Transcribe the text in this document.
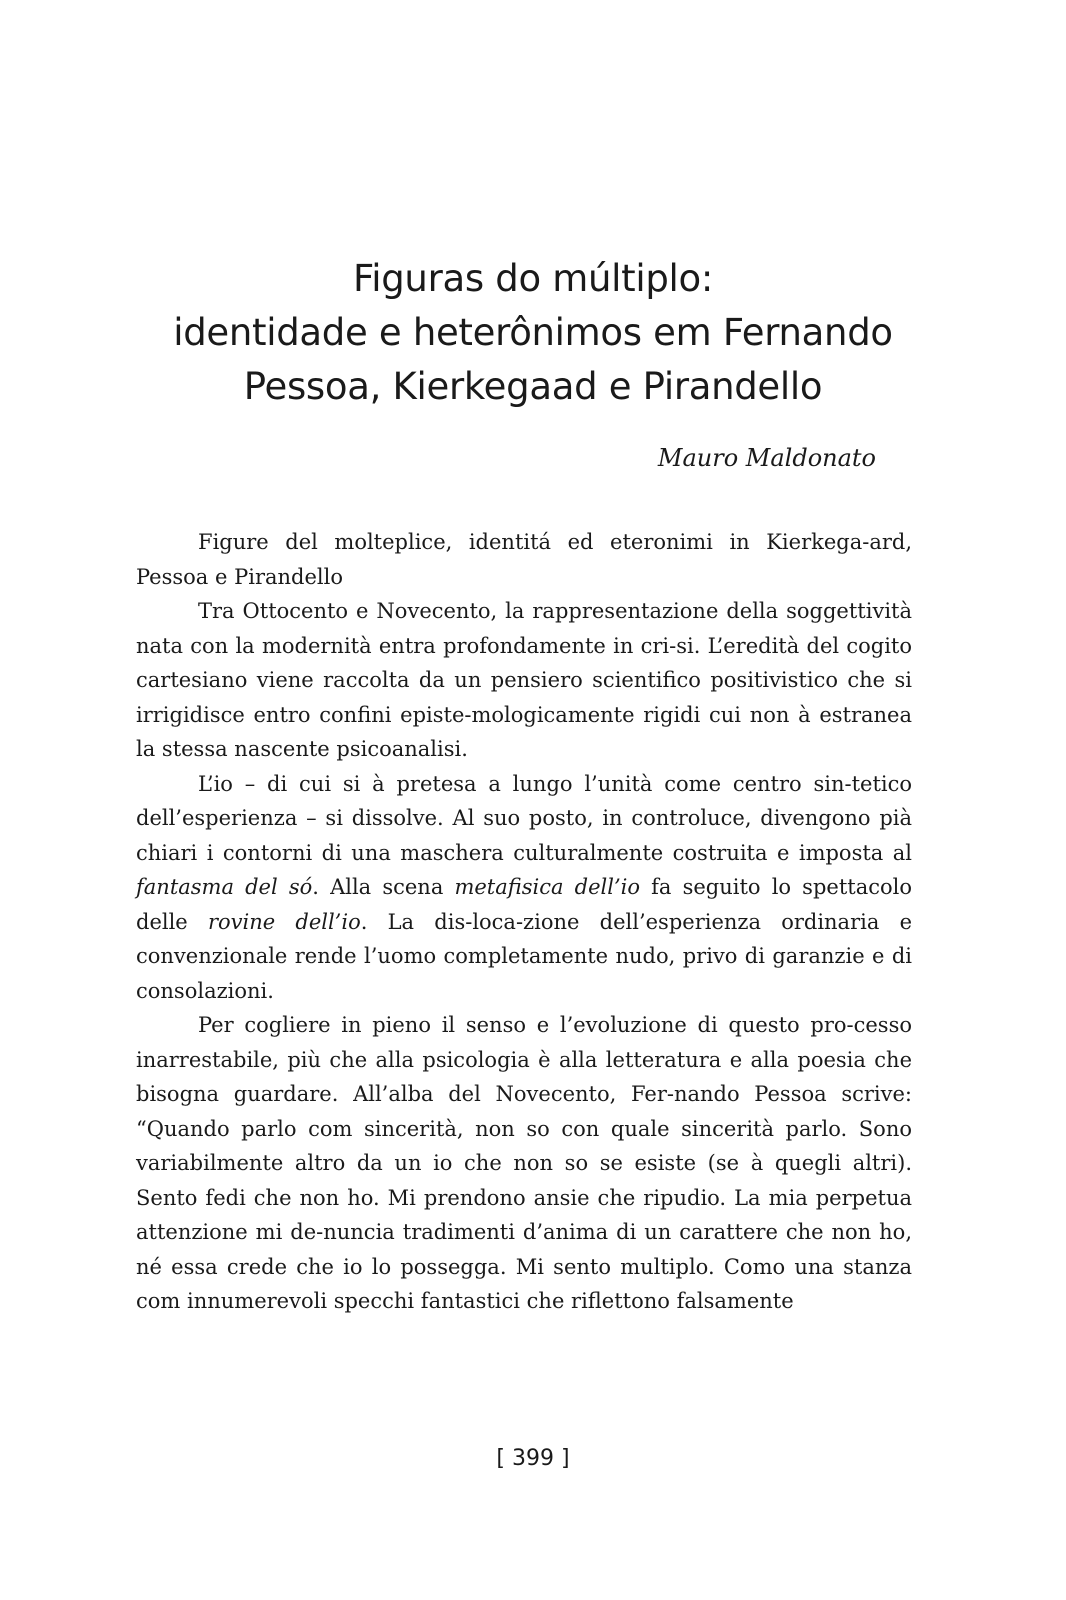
Figuras do múltiplo:
identidade e heterônimos em Fernando
Pessoa, Kierkegaad e Pirandello
Mauro Maldonato

Figure del molteplice, identitá ed eteronimi in Kierkega-ard, Pessoa e Pirandello

Tra Ottocento e Novecento, la rappresentazione della soggettività nata con la modernità entra profondamente in cri-si. L’eredità del cogito cartesiano viene raccolta da un pensiero scientifico positivistico che si irrigidisce entro confini episte-mologicamente rigidi cui non à estranea la stessa nascente psicoanalisi.

L’io – di cui si à pretesa a lungo l’unità come centro sin-tetico dell’esperienza – si dissolve. Al suo posto, in controluce, divengono pià chiari i contorni di una maschera culturalmente costruita e imposta al fantasma del só. Alla scena metafisica dell’io fa seguito lo spettacolo delle rovine dell’io. La dis-loca-zione dell’esperienza ordinaria e convenzionale rende l’uomo completamente nudo, privo di garanzie e di consolazioni.

Per cogliere in pieno il senso e l’evoluzione di questo pro-cesso inarrestabile, più che alla psicologia è alla letteratura e alla poesia che bisogna guardare. All’alba del Novecento, Fer-nando Pessoa scrive: “Quando parlo com sincerità, non so con quale sincerità parlo. Sono variabilmente altro da un io che non so se esiste (se à quegli altri). Sento fedi che non ho. Mi prendono ansie che ripudio. La mia perpetua attenzione mi de-nuncia tradimenti d’anima di un carattere che non ho, né essa crede che io lo possegga. Mi sento multiplo. Como una stanza com innumerevoli specchi fantastici che riflettono falsamente

[ 399 ]
